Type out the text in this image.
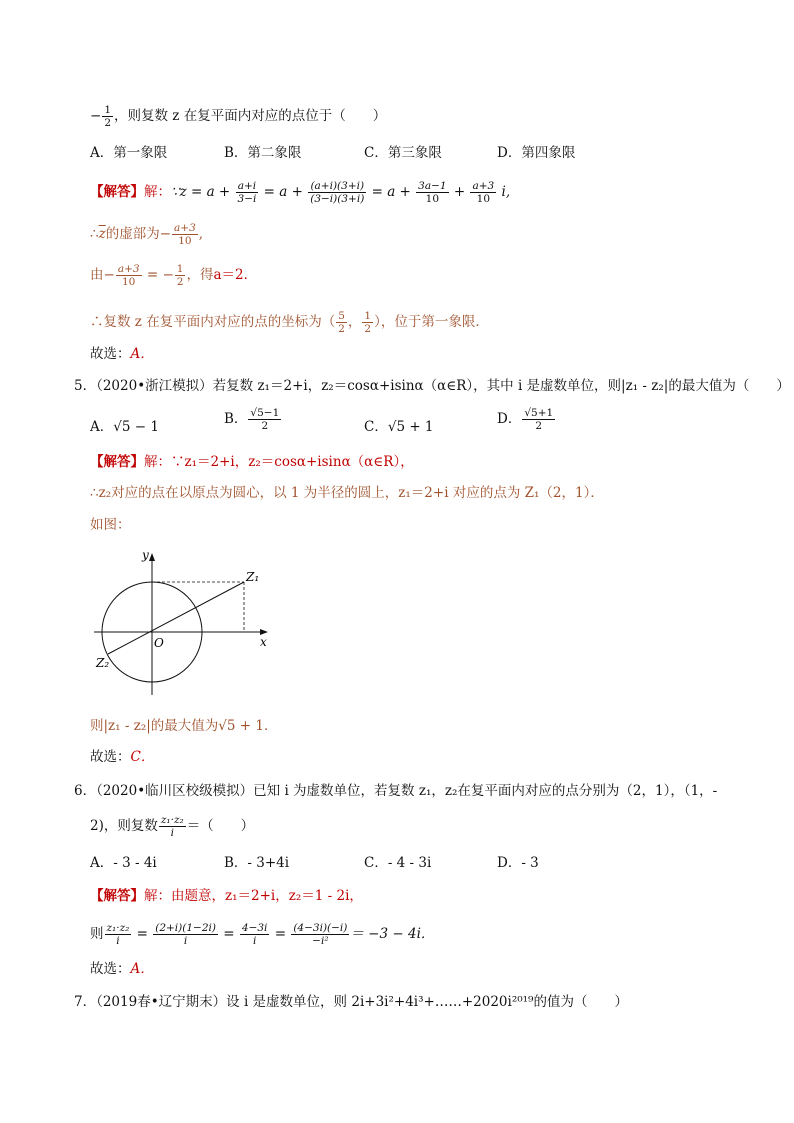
− $\frac{1}{2}$ ，则复数 z 在复平面内对应的点位于（　　）
A．第一象限	B．第二象限	C．第三象限	D．第四象限
【解答】解：∵z = $a + \frac{a+i}{3-i} = a + \frac{(a+i)(3+i)}{(3-i)(3+i)} = a + \frac{3a-1}{10} + \frac{a+3}{10} i$,
$\therefore\overline{z}$的虚部为− $\frac{a+3}{10}$ ,
由− $\frac{a+3}{10}$ = − $\frac{1}{2}$ ，得a＝2．
∴复数 z 在复平面内对应的点的坐标为（ $\frac{5}{2}$ ， $\frac{1}{2}$ ），位于第一象限．
故选：A．
5．（2020•浙江模拟）若复数 z₁＝2+i，z₂＝cosα+isinα（α∈R），其中 i 是虚数单位，则|z₁ - z₂|的最大值为（　　）
A．√5 − 1	B． $\frac{√5-1}{2}$	C．√5 + 1	D． $\frac{√5+1}{2}$
【解答】解：∵z₁＝2+i，z₂＝cosα+isinα（α∈R），
∴z₂对应的点在以原点为圆心，以 1 为半径的圆上，z₁＝2+i 对应的点为 Z₁（2，1）．
如图：
y
x
O
Z₁
Z₂
则|z₁ - z₂|的最大值为√5 + 1．
故选：C．
6．（2020•临川区校级模拟）已知 i 为虚数单位，若复数 z₁，z₂在复平面内对应的点分别为（2，1），（1，-
2)，则复数 $\frac{\text{z₁·z₂}}{i}$ ＝（　　）
A．- 3 - 4i	B．- 3+4i	C．- 4 - 3i	D．- 3
【解答】解：由题意，z₁＝2+i，z₂＝1 - 2i，
则 $\frac{\text{z₁·z₂}}{i} = \frac{(2+i)(1-2i)}{i} = \frac{4-3i}{i} = \frac{(4-3i)(-i)}{\text{−i²}} = -3 - 4i$．
故选：A．
7．（2019春•辽宁期末）设 i 是虚数单位，则 2i+3i²+4i³+……+2020i²⁰¹⁹的值为（　　）
